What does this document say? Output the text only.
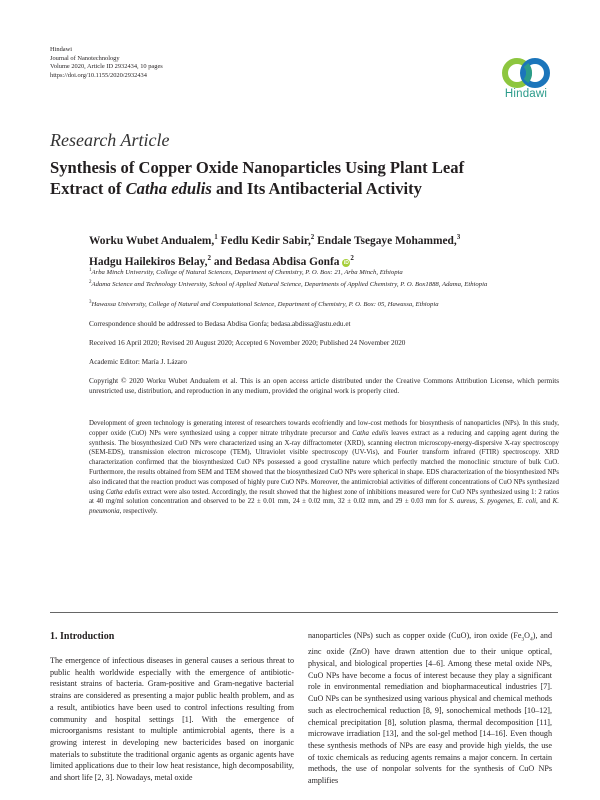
Hindawi
Journal of Nanotechnology
Volume 2020, Article ID 2932434, 10 pages
https://doi.org/10.1155/2020/2932434
Hindawi
Research Article
Synthesis of Copper Oxide Nanoparticles Using Plant Leaf
Extract of Catha edulis and Its Antibacterial Activity
Worku Wubet Andualem,$^1$ Fedlu Kedir Sabir,$^2$ Endale Tsegaye Mohammed,$^3$
Hadgu Hailekiros Belay,$^2$ and Bedasa Abdisa Gonfa $iD^2$
$^1$Arba Minch University, College of Natural Sciences, Department of Chemistry, P. O. Box: 21, Arba Minch, Ethiopia
$^2$Adama Science and Technology University, School of Applied Natural Science, Departments of Applied Chemistry, P. O. Box1888, Adama, Ethiopia
$^3$Hawassa University, College of Natural and Computational Science, Department of Chemistry, P. O. Box: 05, Hawassa, Ethiopia
Correspondence should be addressed to Bedasa Abdisa Gonfa; bedasa.abdissa@astu.edu.et
Received 16 April 2020; Revised 20 August 2020; Accepted 6 November 2020; Published 24 November 2020
Academic Editor: María J. Lázaro
Copyright © 2020 Worku Wubet Andualem et al. This is an open access article distributed under the Creative Commons Attribution License, which permits unrestricted use, distribution, and reproduction in any medium, provided the original work is properly cited.
Development of green technology is generating interest of researchers towards ecofriendly and low-cost methods for biosynthesis of nanoparticles (NPs). In this study, copper oxide (CuO) NPs were synthesized using a copper nitrate trihydrate precursor and Catha edulis leaves extract as a reducing and capping agent during the synthesis. The biosynthesized CuO NPs were characterized using an X-ray diffractometer (XRD), scanning electron microscopy-energy-dispersive X-ray spectroscopy (SEM-EDS), transmission electron microscope (TEM), Ultraviolet visible spectroscopy (UV-Vis), and Fourier transform infrared (FTIR) spectroscopy. XRD characterization confirmed that the biosynthesized CuO NPs possessed a good crystalline nature which perfectly matched the monoclinic structure of bulk CuO. Furthermore, the results obtained from SEM and TEM showed that the biosynthesized CuO NPs were spherical in shape. EDS characterization of the biosynthesized NPs also indicated that the reaction product was composed of highly pure CuO NPs. Moreover, the antimicrobial activities of different concentrations of CuO NPs synthesized using Catha edulis extract were also tested. Accordingly, the result showed that the highest zone of inhibitions measured were for CuO NPs synthesized using 1: 2 ratios at 40 mg/ml solution concentration and observed to be 22 ± 0.01 mm, 24 ± 0.02 mm, 32 ± 0.02 mm, and 29 ± 0.03 mm for S. aureus, S. pyogenes, E. coli, and K. pneumonia, respectively.
1. Introduction
The emergence of infectious diseases in general causes a serious threat to public health worldwide especially with the emergence of antibiotic-resistant strains of bacteria. Gram-positive and Gram-negative bacterial strains are considered as presenting a major public health problem, and as a result, antibiotics have been used to control infections resulting from community and hospital settings [1]. With the emergence of microorganisms resistant to multiple antimicrobial agents, there is a growing interest in developing new bactericides based on inorganic materials to substitute the traditional organic agents as organic agents have limited applications due to their low heat resistance, high decomposability, and short life [2, 3]. Nowadays, metal oxide
nanoparticles (NPs) such as copper oxide (CuO), iron oxide $(Fe_3O_4)$, and zinc oxide (ZnO) have drawn attention due to their unique optical, physical, and biological properties [4–6]. Among these metal oxide NPs, CuO NPs have become a focus of interest because they play a significant role in environmental remediation and biopharmaceutical industries [7]. CuO NPs can be synthesized using various physical and chemical methods such as electrochemical reduction [8, 9], sonochemical methods [10–12], chemical precipitation [8], solution plasma, thermal decomposition [11], microwave irradiation [13], and the sol-gel method [14–16]. Even though these synthesis methods of NPs are easy and provide high yields, the use of toxic chemicals as reducing agents remains a major concern. In certain methods, the use of nonpolar solvents for the synthesis of CuO NPs amplifies
